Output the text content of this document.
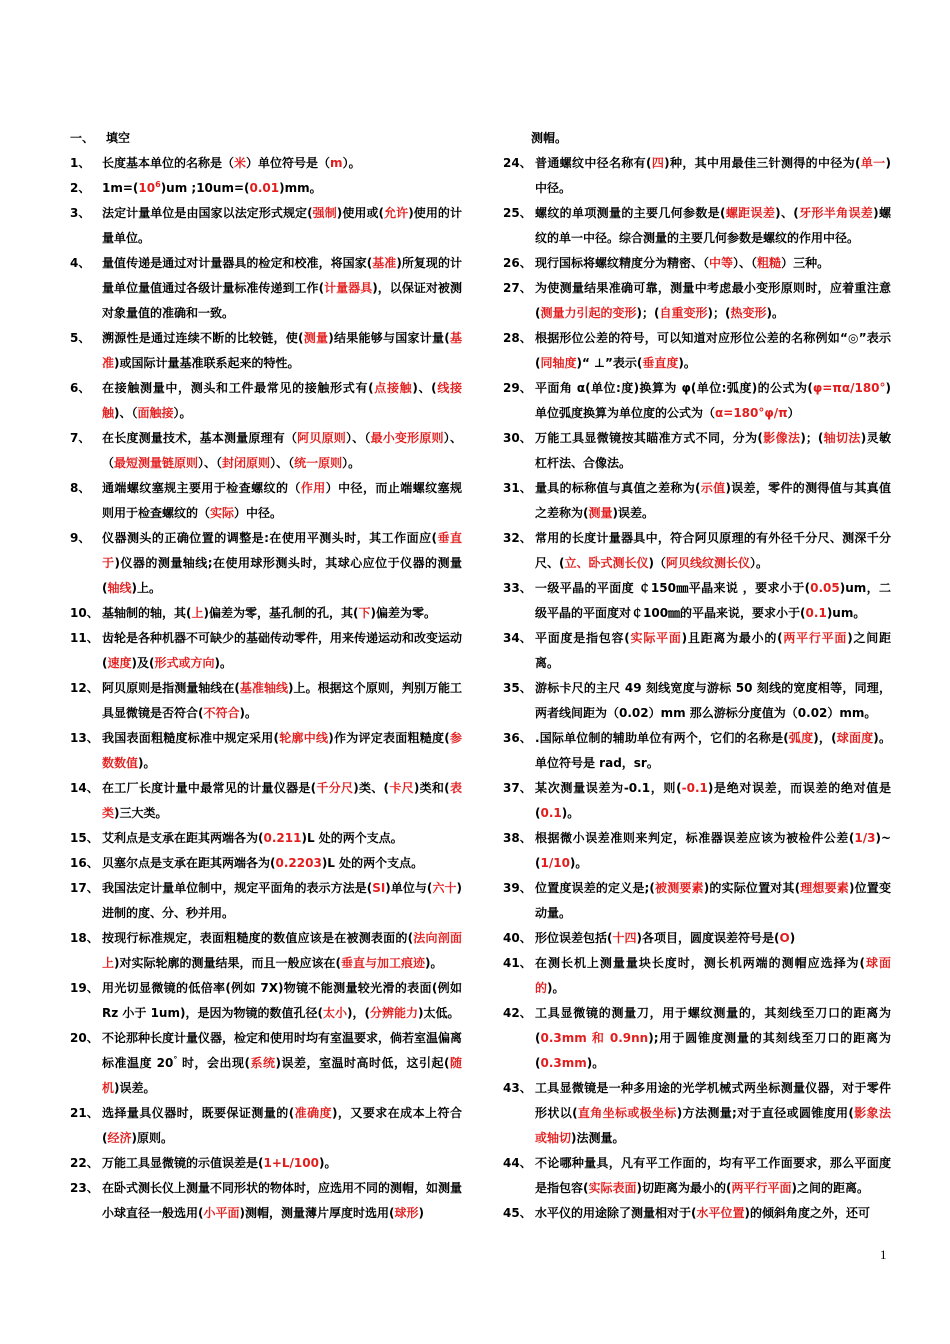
一、 填空
1、 长度基本单位的名称是（米）单位符号是（m）。
2、 $1m=(10^6)um$ ;10um=(0.01)mm。
3、 法定计量单位是由国家以法定形式规定(强制)使用或(允许)使用的计量单位。
4、 量值传递是通过对计量器具的检定和校准，将国家(基准)所复现的计量单位量值通过各级计量标准传递到工作(计量器具)，以保证对被测对象量值的准确和一致。
5、 溯源性是通过连续不断的比较链，使(测量)结果能够与国家计量(基准)或国际计量基准联系起来的特性。
6、 在接触测量中，测头和工件最常见的接触形式有(点接触)、(线接触)、（面触接）。
7、 在长度测量技术，基本测量原理有（阿贝原则）、（最小变形原则）、（最短测量链原则）、（封闭原则）、（统一原则）。
8、 通端螺纹塞规主要用于检查螺纹的（作用）中径，而止端螺纹塞规则用于检查螺纹的（实际）中径。
9、 仪器测头的正确位置的调整是:在使用平测头时，其工作面应(垂直于)仪器的测量轴线;在使用球形测头时，其球心应位于仪器的测量(轴线)上。
10、 基轴制的轴，其(上)偏差为零，基孔制的孔，其(下)偏差为零。
11、 齿轮是各种机器不可缺少的基础传动零件，用来传递运动和改变运动(速度)及(形式或方向)。
12、 阿贝原则是指测量轴线在(基准轴线)上。根据这个原则，判别万能工具显微镜是否符合(不符合)。
13、 我国表面粗糙度标准中规定采用(轮廓中线)作为评定表面粗糙度(参数数值)。
14、 在工厂长度计量中最常见的计量仪器是(千分尺)类、(卡尺)类和(表类)三大类。
15、 艾利点是支承在距其两端各为(0.211)L 处的两个支点。
16、 贝塞尔点是支承在距其两端各为(0.2203)L 处的两个支点。
17、 我国法定计量单位制中，规定平面角的表示方法是(SI)单位与(六十)进制的度、分、秒并用。
18、 按现行标准规定，表面粗糙度的数值应该是在被测表面的(法向剖面上)对实际轮廓的测量结果，而且一般应该在(垂直与加工痕迹)。
19、 用光切显微镜的低倍率(例如 7X)物镜不能测量较光滑的表面(例如 Rz 小于 1um)，是因为物镜的数值孔径(太小)，(分辨能力)太低。
20、 不论那种长度计量仪器，检定和使用时均有室温要求，倘若室温偏离标准温度 20° 时，会出现(系统)误差，室温时高时低，这引起(随机)误差。
21、 选择量具仪器时，既要保证测量的(准确度)，又要求在成本上符合(经济)原则。
22、 万能工具显微镜的示值误差是(1+L/100)。
23、 在卧式测长仪上测量不同形状的物体时，应选用不同的测帽，如测量小球直径一般选用(小平面)测帽，测量薄片厚度时选用(球形)
测帽。
24、 普通螺纹中径名称有(四)种，其中用最佳三针测得的中径为(单一)中径。
25、 螺纹的单项测量的主要几何参数是(螺距误差)、(牙形半角误差)螺纹的单一中径。综合测量的主要几何参数是螺纹的作用中径。
26、 现行国标将螺纹精度分为精密、（中等）、（粗糙）三种。
27、 为使测量结果准确可靠，测量中考虑最小变形原则时，应着重注意(测量力引起的变形)；(自重变形)；(热变形)。
28、 根据形位公差的符号，可以知道对应形位公差的名称例如“◎”表示(同轴度)“ ⊥”表示(垂直度)。
29、 平面角 α(单位:度)换算为 φ(单位:弧度)的公式为(φ=πα/180°)单位弧度换算为单位度的公式为（α=180°φ/π）
30、 万能工具显微镜按其瞄准方式不同，分为(影像法)；(轴切法)灵敏杠杆法、合像法。
31、 量具的标称值与真值之差称为(示值)误差，零件的测得值与其真值之差称为(测量)误差。
32、 常用的长度计量器具中，符合阿贝原理的有外径千分尺、测深千分尺、(立、卧式测长仪)（阿贝线纹测长仪）。
33、 一级平晶的平面度 ￠150㎜平晶来说 ，要求小于(0.05)um，二级平晶的平面度对￠100㎜的平晶来说，要求小于(0.1)um。
34、 平面度是指包容(实际平面)且距离为最小的(两平行平面)之间距离。
35、 游标卡尺的主尺 49 刻线宽度与游标 50 刻线的宽度相等，同理，两者线间距为（0.02）mm 那么游标分度值为（0.02）mm。
36、 .国际单位制的辅助单位有两个，它们的名称是(弧度)，(球面度)。单位符号是 rad，sr。
37、 某次测量误差为-0.1，则(-0.1)是绝对误差，而误差的绝对值是(0.1)。
38、 根据微小误差准则来判定，标准器误差应该为被检件公差(1/3)~(1/10)。
39、 位置度误差的定义是;(被测要素)的实际位置对其(理想要素)位置变动量。
40、 形位误差包括(十四)各项目，圆度误差符号是(O)
41、 在测长机上测量量块长度时，测长机两端的测帽应选择为(球面的)。
42、 工具显微镜的测量刀，用于螺纹测量的，其刻线至刀口的距离为(0.3mm 和 0.9nn);用于圆锥度测量的其刻线至刀口的距离为(0.3mm)。
43、 工具显微镜是一种多用途的光学机械式两坐标测量仪器，对于零件形状以(直角坐标或极坐标)方法测量;对于直径或圆锥度用(影象法或轴切)法测量。
44、 不论哪种量具，凡有平工作面的，均有平工作面要求，那么平面度是指包容(实际表面)切距离为最小的(两平行平面)之间的距离。
45、 水平仪的用途除了测量相对于(水平位置)的倾斜角度之外，还可
1
